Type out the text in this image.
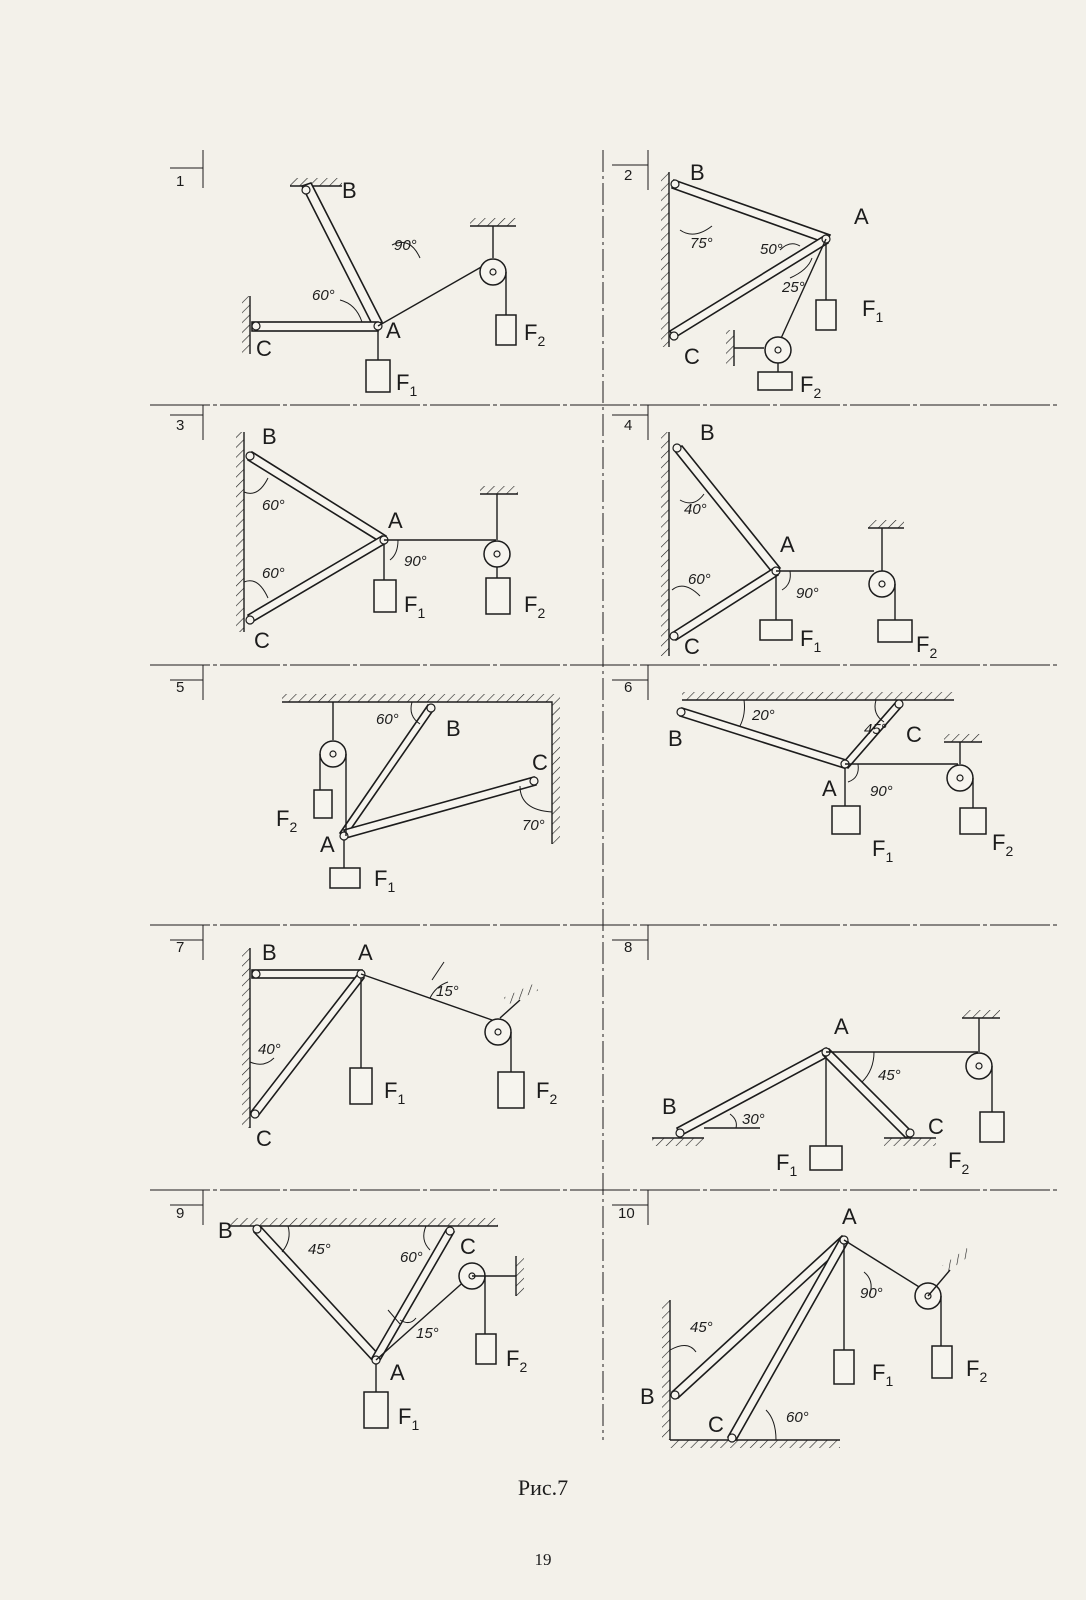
1	B
A
C
90°
60°
$F_1$
$F_2$
2	B
A
C
75°	50°
25°
$F_1$
$F_2$
3	B
A
C
60°
60°
90°
$F_1$	$F_2$
4	B
A
C
40°
60°
90°
$F_1$	$F_2$
5
B
C
A
60°
70°
$F_1$
$F_2$
6
B	C
A
20°
45°
90°
$F_1$
$F_2$
7	B	A
C
15°
40°
$F_1$	$F_2$
8
A
B
C
45°
30°
$F_1$	$F_2$
9
B
C
A
45°	60°
15°
$F_1$
$F_2$
10	A
B
C
45°
90°
60°
$F_1$	$F_2$
Рис.7
19
